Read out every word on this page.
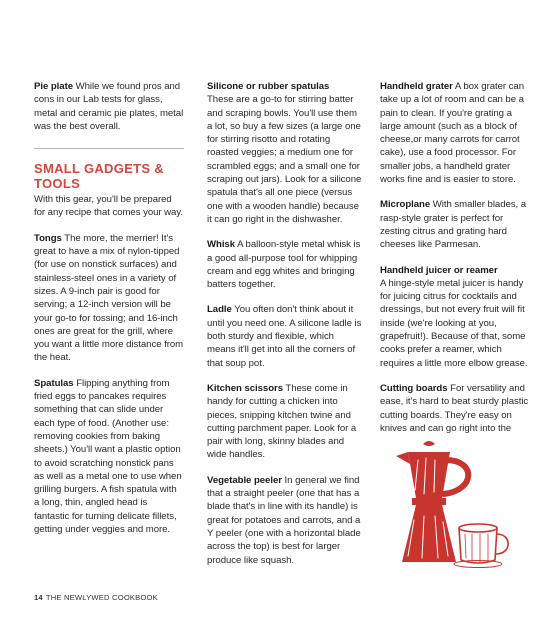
Pie plate While we found pros and cons in our Lab tests for glass, metal and ceramic pie plates, metal was the best overall.

SMALL GADGETS & TOOLS

With this gear, you'll be prepared for any recipe that comes your way.

Tongs The more, the merrier! It's great to have a mix of nylon-tipped (for use on nonstick surfaces) and stainless-steel ones in a variety of sizes. A 9-inch pair is good for serving; a 12-inch version will be your go-to for tossing; and 16-inch ones are great for the grill, where you want a little more distance from the heat.

Spatulas Flipping anything from fried eggs to pancakes requires something that can slide under each type of food. (Another use: removing cookies from baking sheets.) You'll want a plastic option to avoid scratching nonstick pans as well as a metal one to use when grilling burgers. A fish spatula with a long, thin, angled head is fantastic for turning delicate fillets, getting under veggies and more.

Silicone or rubber spatulas
These are a go-to for stirring batter and scraping bowls. You'll use them a lot, so buy a few sizes (a large one for stirring risotto and rotating roasted veggies; a medium one for scrambled eggs; and a small one for scraping out jars). Look for a silicone spatula that's all one piece (versus one with a wooden handle) because it can go right in the dishwasher.

Whisk A balloon-style metal whisk is a good all-purpose tool for whipping cream and egg whites and bringing batters together.

Ladle You often don't think about it until you need one. A silicone ladle is both sturdy and flexible, which means it'll get into all the corners of that soup pot.

Kitchen scissors These come in handy for cutting a chicken into pieces, snipping kitchen twine and cutting parchment paper. Look for a pair with long, skinny blades and wide handles.

Vegetable peeler In general we find that a straight peeler (one that has a blade that's in line with its handle) is great for potatoes and carrots, and a Y peeler (one with a horizontal blade across the top) is best for larger produce like squash.

Handheld grater A box grater can take up a lot of room and can be a pain to clean. If you're grating a large amount (such as a block of cheese,or many carrots for carrot cake), use a food processor. For smaller jobs, a handheld grater works fine and is easier to store.

Microplane With smaller blades, a rasp-style grater is perfect for zesting citrus and grating hard cheeses like Parmesan.

Handheld juicer or reamer
A hinge-style metal juicer is handy for juicing citrus for cocktails and dressings, but not every fruit will fit inside (we're looking at you, grapefruit!). Because of that, some cooks prefer a reamer, which requires a little more elbow grease.

Cutting boards For versatility and ease, it's hard to beat sturdy plastic cutting boards. They're easy on knives and can go right into the

14 THE NEWLYWED COOKBOOK
